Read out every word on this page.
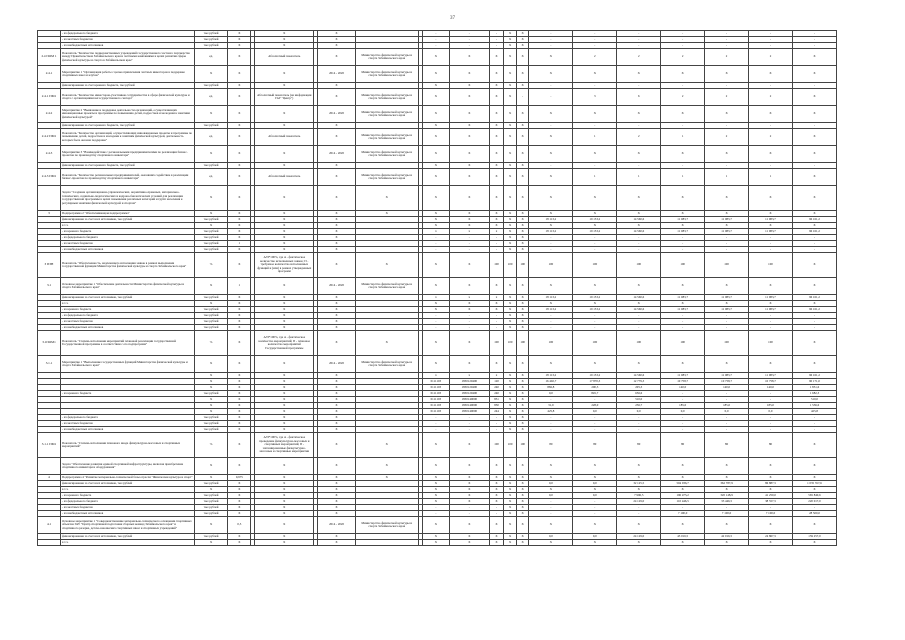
37
	- из федерального бюджета	тыс.рублей	X		X		X			-	-	-	X	X	-	-	-	-	-	-	-
	- из местных бюджетов	тыс.рублей	X		X		X			-	-	-	X	X	-	-	-	-	-	-	-
	- из внебюджетных источников	тыс.рублей	X		X		X			-	-	-	X	X	-	-	-	-	-	-	-
2.4 ПОМ 1	Показатель "Количество подведомственных учреждений государственного частного партнерства между Правительством Забайкальского края и частными компаниями в целях развития сферы физической культуры и спорта в Забайкальском крае"	ед.	X		Абсолютный показатель		X	Министерство физической культуры и спорта Забайкальского края		X	X	X	X	X	X	2	2	2	2	2	X
2.4.1	Мероприятие 1 "Организация работы с целью привлечения частных инвесторов в поддержке спортивных школ и клубов"	X	X		X		2014 - 2020	Министерство физической культуры и спорта Забайкальского края		X	X	X	X	X	X	X	X	X	X	X	X
	финансирование за счет краевого бюджета, тыс.рублей	тыс.рублей	X		X		X			X	X	X	X	X	-	-	-	-	-	-	-
2.4.1 ПМ1	Показатель "Количество инвесторов-участников сотрудничества в сфере физической культуры и спорта с организациями негосударственного сектора"	ед.	X		Абсолютный показатель (на информации ГАУ "Центр")		X	Министерство физической культуры и спорта Забайкальского края		X	X	X	X	-	-	3	6	2	2	2	X
2.4.2	Мероприятие 2 "Выявление и поддержка деятельности организаций, осуществляющих инновационные проекты и программы по повышению детей, подростков и молодежи к занятиям физической культурой"	X	X		X		2014 - 2020	Министерство физической культуры и спорта Забайкальского края		X	X	X	X	X	X	X	X	X	X	X	X
	финансирование за счет краевого бюджета, тыс.рублей	тыс.рублей	X		X		X			X	X	X	X	X	-	-	-	-	-	-	-
2.4.2 ПМ1	Показатель "Количество организаций, осуществляющих инновационные проекты и программы по повышению детей, подростков и молодежи к занятиям физической культурой, деятельность которых была оказана поддержка"	ед.	X		Абсолютный показатель		X	Министерство физической культуры и спорта Забайкальского края		X	X	X	X	X	X	1	2	1	2	2	X
2.4.3	Мероприятие 3 "Взаимодействие с региональными предпринимателями по реализации бизнес-проектов по производству спортивного инвентаря"	X	X		X		2014 - 2020	Министерство физической культуры и спорта Забайкальского края		X	X	X	X	X	X	X	X	X	X	X	X
	финансирование за счет краевого бюджета, тыс.рублей	тыс.рублей	X		X		X			X	X	X	X	X	-	-	-	-	-	-	-
2.4.3 ПМ1	Показатель "Количество региональных предпринимателей, оказавших содействие в реализации бизнес-проектов по производству спортивного инвентаря"	ед.	X		Абсолютный показатель		X	Министерство физической культуры и спорта Забайкальского края		X	X	X	X	X	X	1	1	1	1	1	X
	Задача "Создание организационно-управленческих, нормативно-правовых, материально-технических, социально-педагогических и кадрово-биологических условий для реализации государственной программы в целях повышения различных категорий и групп населения к регулярным занятиям физической культурой и спортом"	X	X		X		X	X		X	X	X	X	X	X	X	X	X	X	X	X
3	Подпрограмма 2 "Обеспечивающая подпрограмма"	X	X		X		X	X		X	X	X	X	X	X	X	X	X	X	X	X
	финансирование за счет всех источников, тыс.рублей	тыс.рублей	X		X		X			X	X	X	X	X	18 113,2	19 153,2	14 560,6	11 083,7	11 083,7	11 083,7	96 161,2
	в т.ч.	X	X		X		X			X	X	X	X	X	X	X	X	X	X	X	X
	- из краевого бюджета	тыс.рублей	X		X		X			x	x	x	X	X	18 113,2	19 153,2	14 560,6	11 083,7	11 083,7	11 083,7	96 161,2
	- из федерального бюджета	тыс.рублей	X		X		X			-	-	-	X	X	-	-	-	-	-	-	-
	- из местных бюджетов	тыс.рублей	1		X		X			-	-	-	X	X	-	-	-	-	-	-	-
	- из внебюджетных источников	тыс.рублей	X		X		X			-	-	-	X	X	-	-	-	-	-	-	-
3 П3Н	Показатель "Обеспеченность, надлежащего исполнения заявок в рамках выполнения государственной функции Министерства физической культуры и спорта Забайкальского края"	%	X		A/П*100%, где A - фактическое количество исполненных заявок; П - требуемое количество исполненных функций и (или) в рамках утвержденных программ		X	X		X	X	100	100	100	100	100	100	100	100	100	X
3.1	Основное мероприятие 1 "Обеспечение деятельности Министерства физической культуры и спорта Забайкальского края"	X	1		X		2014 - 2020	Министерство физической культуры и спорта Забайкальского края		X	X	X	X	X	X	X	X	X	X	X	X
	финансирование за счет всех источников, тыс.рублей	тыс.рублей	X		X		X			x	x	x	X	X	18 113,2	19 153,2	14 560,6	11 083,7	11 083,7	11 083,7	96 161,2
	в т.ч.	X	X		X		X			X	X	X	X	X	X	X	X	X	X	X	X
	- из краевого бюджета	тыс.рублей	X		X		X			X	X	X	X	X	18 113,2	19 153,2	14 560,6	11 083,7	11 083,7	11 083,7	96 161,2
	- из федерального бюджета	тыс.рублей	X		X		X			-	-	-	X	X	-	-	-	-	-	-	-
	- из местных бюджетов	тыс.рублей	X		X		X			-	-	-	X	X	-	-	-	-	-	-	-
	- из внебюджетных источников	тыс.рублей	X		X		X			-	-	-	X	X	-	-	-	-	-	-	-
3.1ПОМ1	Показатель "Степень исполнения мероприятий плановой реализации государственной Государственной программы в соответствии с его подпрограмм"	%	X		A/П*100%, где A - фактическое количество мероприятий; П - плановое количество мероприятий Государственной программы		X	X		X	X	100	100	100	100	100	100	100	100	100	X
3.1.1	Мероприятие 1 "Выполнение государственных функций Министерства физической культуры и спорта Забайкальского края"	X	X		X		2014 - 2020	Министерство физической культуры и спорта Забайкальского края		X	X	X	X	X	X	X	X	X	X	X	X
		X	X		X		X			x	x	x	X	X	18 113,2	19 153,2	14 560,6	11 083,7	11 083,7	11 083,7	96 161,2
		X	X		X		X			0111103	1830120400	120	X	X	16 402,7	17 870,3	12 779,3	10 758,7	10 758,7	10 758,7	90 171,0
		X	X		X		X			0111103	1830120400	240	X	X	882,8	200,3	205,3	140,0	140,0	140,0	1 851,6
	- из краевого бюджета	тыс.рублей	X		X		X			0111103	1830120400	240	X	X	0,0	845,7	656,6	-	-	-	1 682,3
		X	X		X		X			0111103	1830140000	851	X	X	-	-	510,0	-	-	-	510,0
		X	X		X		X			0111103	1830140000	850	X	X	31,9	228,0	236,7	185,0	185,0	185,0	1 536,6
		X	X		X		X			0111103	1830140000	244	X	X	425,8	0,0	0,0	0,0	0,0	0,0	425,8
	- из федерального бюджета	тыс.рублей	X		X		X			-	-	-	X	X	-	-	-	-	-	-	-
	- из местных бюджетов	тыс.рублей	X		X		X			-	-	-	X	X	-	-	-	-	-	-	-
	- из внебюджетных источников	тыс.рублей	X		X		X			-	-	-	X	X	-	-	-	-	-	-	-
3.1.1 ПМ1	Показатель "Степень исполнения планового ввода физкультурно-массовых и спортивных мероприятий"	%	X		A/П*100%, где A - фактическое проведение физкультурно-массовых и спортивных мероприятий; П - запланированные физкультурно-массовые и спортивные мероприятия		X	X		X	X	100	100	100	80	80	80	80	80	80	X
	Задача "Обеспечение развития единой спортивной инфраструктуры, включая приобретение спортивного инвентаря и оборудования"	X	X		X		X	X		X	X	X	X	X	X	X	X	X	X	X	X
4	Подпрограмма 4 "Развитие материально-технической базы отрасли "Физическая культура и спорт"	X	0,975		X		X	X		X	X	X	X	X	X	X	X	X	X	X	X
	финансирование за счет всех источников, тыс.рублей	тыс.рублей	X		X		X			X	X	X	X	X	0,0	0,0	32 125,5	504 036,7	362 787,9	86 887,5	1 035 357,6
	в т.ч.	X	X		X		X			X	X	X	X	X	X	X	X	X	X	X	X
	- из краевого бюджета	тыс.рублей	X		X		X			X	X	X	X	X	0,0	0,0	7 996,5	196 475,2	320 148,9	41 250,0	565 840,6
	- из федерального бюджета	тыс.рублей	X		X		X			X	X	X	X	X	-	-	24 129,0	110 446,5	33 446,5	38 557,5	220 017,0
	- из местных бюджетов	тыс.рублей	X		X		X			-	-	-	X	X	-	-	-	-	-	-	-
	- из внебюджетных источников	тыс.рублей	X		X		X			-	-	-	X	X	-	-	-	7 100,0	7 100,0	7 100,0	28 500,0
4.1	Основное мероприятие 1 "Совершенствование материально-технического оснащения спортивных объектов ГАУ "Центр спортивной подготовки сборных команд Забайкальского края" и спортивного резерва, детско-юношеских спортивных школ и спортивных учреждений"	X	0,5		X		2014 - 2020	Министерство физической культуры и спорта Забайкальского края		X	X	X	X	X	X	X	X	X	X	X	X
	финансирование за счет всех источников, тыс.рублей	тыс.рублей	X		X		X			X	X	X	X	X	0,0	0,0	24 129,0	43 016,5	42 016,5	24 867,5	159 257,0
	в т.ч.	X	X		X		X			X	X	X	X	X	X	X	X	X	X	X	X
